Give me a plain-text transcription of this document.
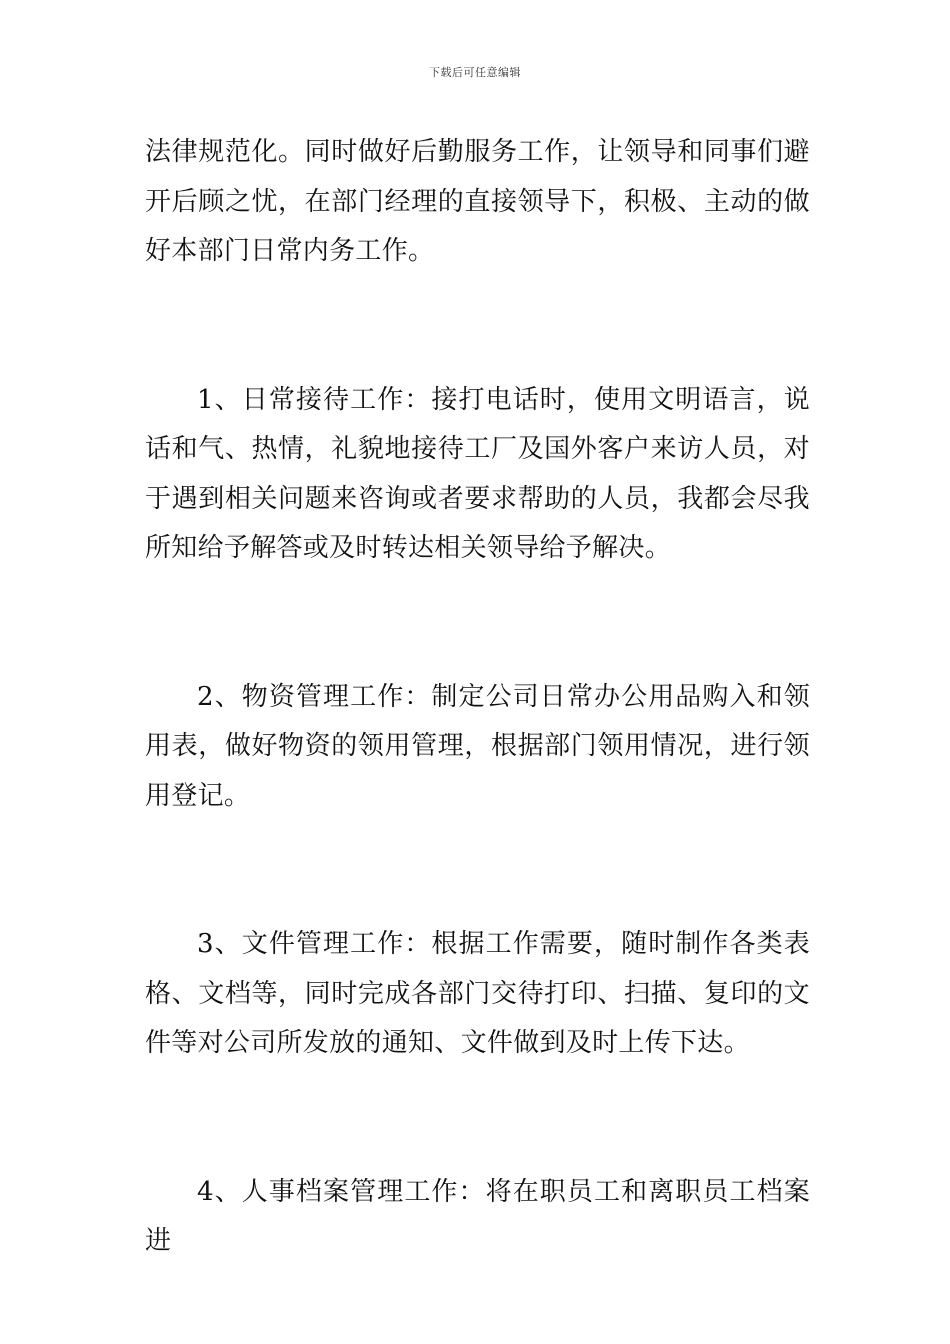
下载后可任意编辑

法律规范化。同时做好后勤服务工作，让领导和同事们避开后顾之忧，在部门经理的直接领导下，积极、主动的做好本部门日常内务工作。

1、日常接待工作：接打电话时，使用文明语言，说话和气、热情，礼貌地接待工厂及国外客户来访人员，对于遇到相关问题来咨询或者要求帮助的人员，我都会尽我所知给予解答或及时转达相关领导给予解决。

2、物资管理工作：制定公司日常办公用品购入和领用表，做好物资的领用管理，根据部门领用情况，进行领用登记。

3、文件管理工作：根据工作需要，随时制作各类表格、文档等，同时完成各部门交待打印、扫描、复印的文件等对公司所发放的通知、文件做到及时上传下达。

4、人事档案管理工作：将在职员工和离职员工档案进
